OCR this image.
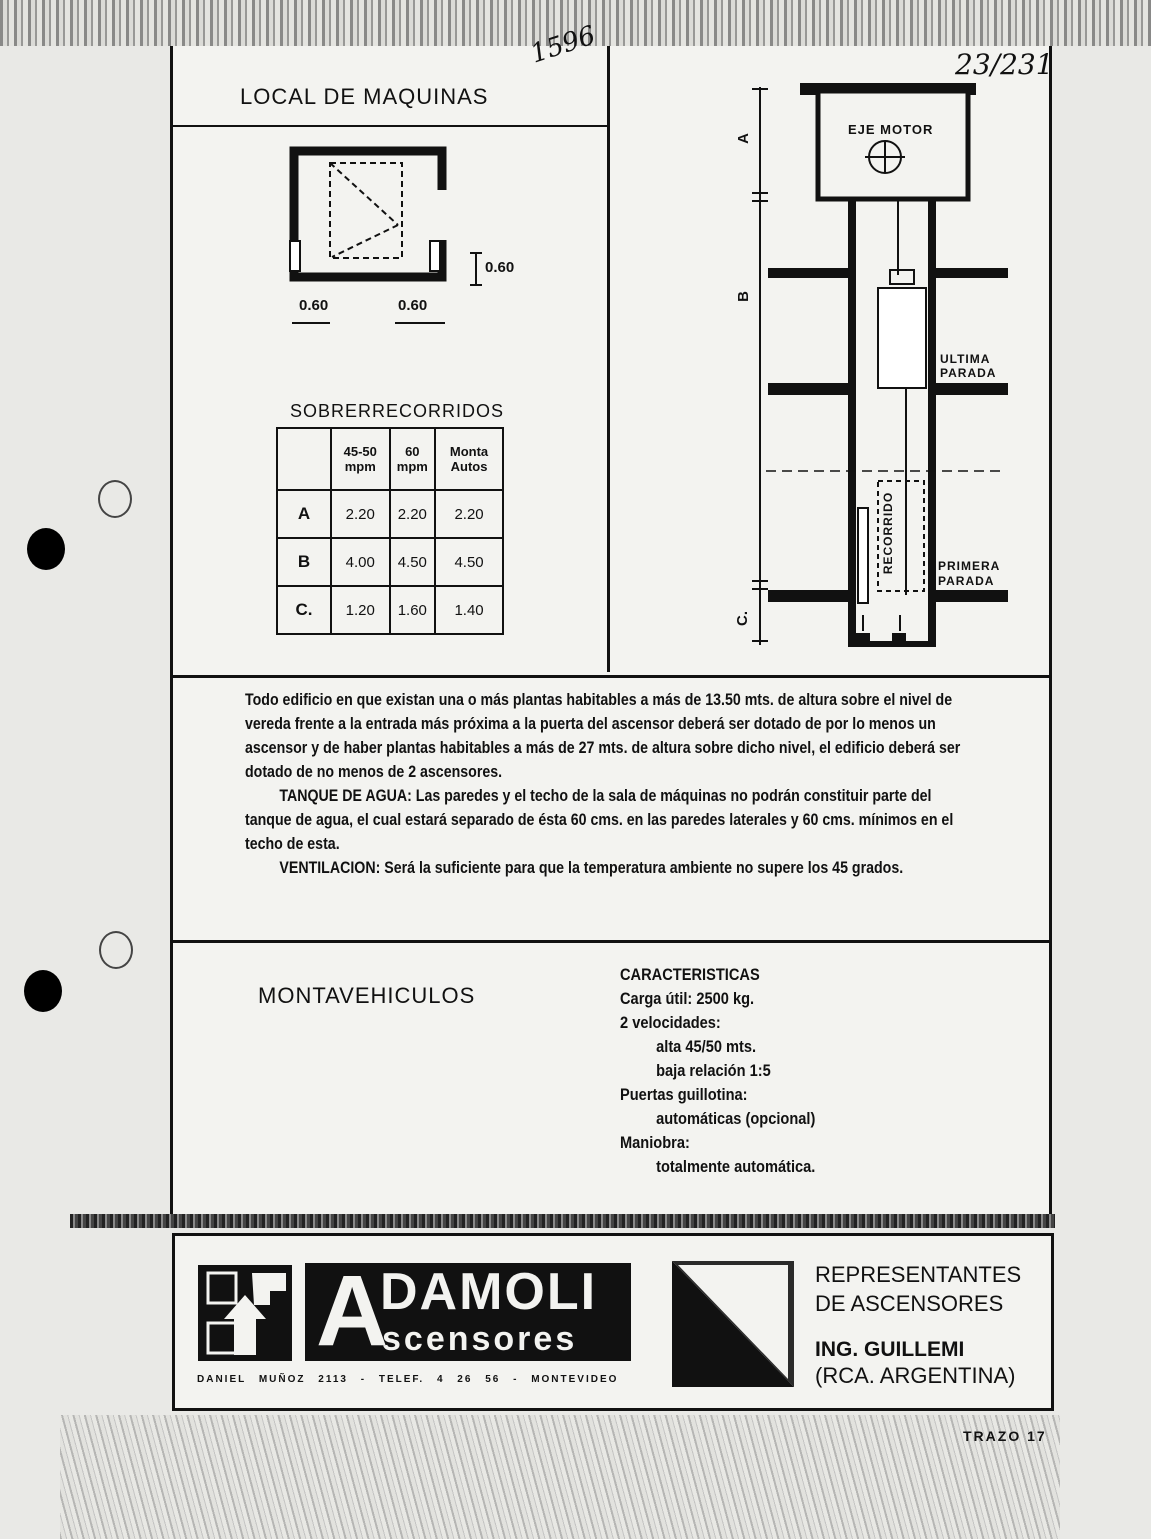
1596	23/231
LOCAL DE MAQUINAS
0.60
0.60	0.60
SOBRERRECORRIDOS
	45-50 mpm	60 mpm	Monta Autos
A	2.20	2.20	2.20
B	4.00	4.50	4.50
C.	1.20	1.60	1.40
EJE MOTOR
A
B
C.
ULTIMA
PARADA
PRIMERA
PARADA
RECORRIDO

Todo edificio en que existan una o más plantas habitables a más de 13.50 mts. de altura sobre el nivel de vereda frente a la entrada más próxima a la puerta del ascensor deberá ser dotado de por lo menos un ascensor y de haber plantas habitables a más de 27 mts. de altura sobre dicho nivel, el edificio deberá ser dotado de no menos de 2 ascensores.

TANQUE DE AGUA: Las paredes y el techo de la sala de máquinas no podrán constituir parte del tanque de agua, el cual estará separado de ésta 60 cms. en las paredes laterales y 60 cms. mínimos en el techo de esta.

VENTILACION: Será la suficiente para que la temperatura ambiente no supere los 45 grados.

MONTAVEHICULOS
CARACTERISTICAS
Carga útil: 2500 kg.
2 velocidades:
alta 45/50 mts.
baja relación 1:5
Puertas guillotina:
automáticas (opcional)
Maniobra:
totalmente automática.
A
DAMOLI
scensores
DANIEL MUÑOZ 2113 - TELEF. 4 26 56 - MONTEVIDEO
REPRESENTANTES
DE ASCENSORES
ING. GUILLEMI
(RCA. ARGENTINA)
TRAZO 17
